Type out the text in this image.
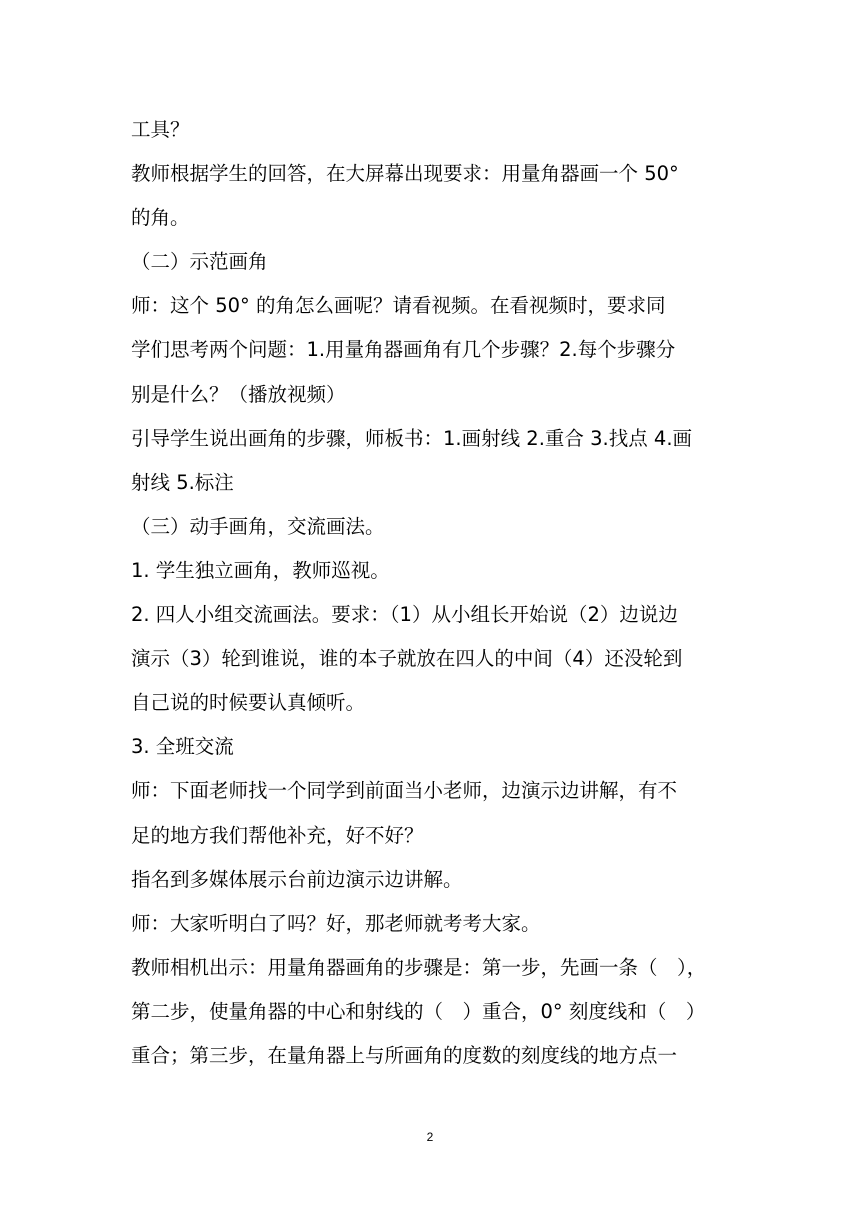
工具？

教师根据学生的回答，在大屏幕出现要求：用量角器画一个 50°

的角。

（二）示范画角

师：这个 50° 的角怎么画呢？请看视频。在看视频时，要求同

学们思考两个问题：1.用量角器画角有几个步骤？2.每个步骤分

别是什么？（播放视频）

引导学生说出画角的步骤，师板书：1.画射线 2.重合 3.找点 4.画

射线 5.标注

（三）动手画角，交流画法。

1. 学生独立画角，教师巡视。

2. 四人小组交流画法。要求：（1）从小组长开始说（2）边说边

演示（3）轮到谁说，谁的本子就放在四人的中间（4）还没轮到

自己说的时候要认真倾听。

3. 全班交流

师：下面老师找一个同学到前面当小老师，边演示边讲解，有不

足的地方我们帮他补充，好不好？

指名到多媒体展示台前边演示边讲解。

师：大家听明白了吗？好，那老师就考考大家。

教师相机出示：用量角器画角的步骤是：第一步，先画一条（　），

第二步，使量角器的中心和射线的（　）重合，0° 刻度线和（　）

重合；第三步，在量角器上与所画角的度数的刻度线的地方点一

2
